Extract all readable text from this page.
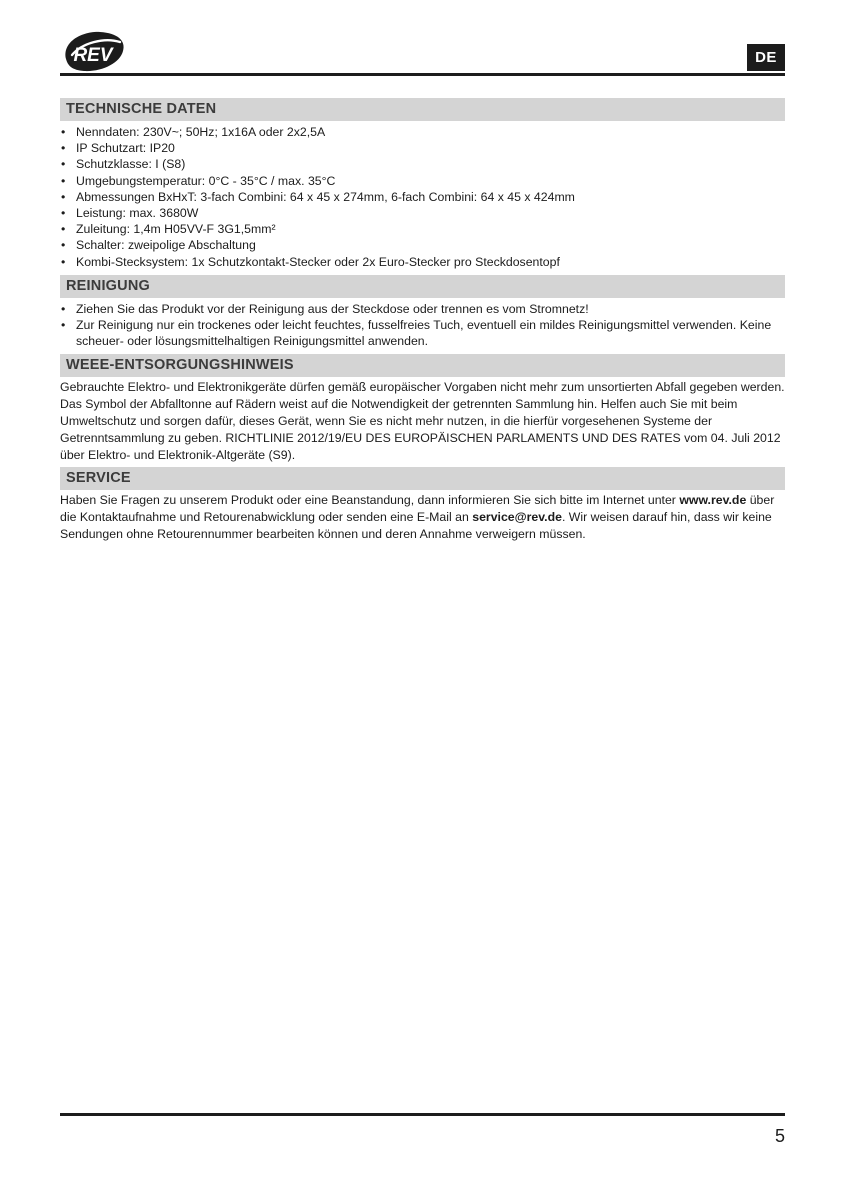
REV	DE
TECHNISCHE DATEN
• Nenndaten: 230V~; 50Hz; 1x16A oder 2x2,5A
• IP Schutzart: IP20
• Schutzklasse: I (S8)
• Umgebungstemperatur: 0°C - 35°C / max. 35°C
• Abmessungen BxHxT: 3-fach Combini: 64 x 45 x 274mm, 6-fach Combini: 64 x 45 x 424mm
• Leistung: max. 3680W
• Zuleitung: 1,4m H05VV-F 3G1,5mm²
• Schalter: zweipolige Abschaltung
• Kombi-Stecksystem: 1x Schutzkontakt-Stecker oder 2x Euro-Stecker pro Steckdosentopf
REINIGUNG
• Ziehen Sie das Produkt vor der Reinigung aus der Steckdose oder trennen es vom Stromnetz!
• Zur Reinigung nur ein trockenes oder leicht feuchtes, fusselfreies Tuch, eventuell ein mildes Reinigungsmittel verwenden. Keine scheuer- oder lösungsmittelhaltigen Reinigungsmittel anwenden.
WEEE-ENTSORGUNGSHINWEIS

Gebrauchte Elektro- und Elektronikgeräte dürfen gemäß europäischer Vorgaben nicht mehr zum unsortierten Abfall gegeben werden. Das Symbol der Abfalltonne auf Rädern weist auf die Notwendigkeit der getrennten Sammlung hin. Helfen auch Sie mit beim Umweltschutz und sorgen dafür, dieses Gerät, wenn Sie es nicht mehr nutzen, in die hierfür vorgesehenen Systeme der Getrenntsammlung zu geben. RICHTLINIE 2012/19/EU DES EUROPÄISCHEN PARLAMENTS UND DES RATES vom 04. Juli 2012 über Elektro- und Elektronik-Altgeräte (S9).

SERVICE

Haben Sie Fragen zu unserem Produkt oder eine Beanstandung, dann informieren Sie sich bitte im Internet unter www.rev.de über die Kontaktaufnahme und Retourenabwicklung oder senden eine E-Mail an service@rev.de. Wir weisen darauf hin, dass wir keine Sendungen ohne Retourennummer bearbeiten können und deren Annahme verweigern müssen.

5
